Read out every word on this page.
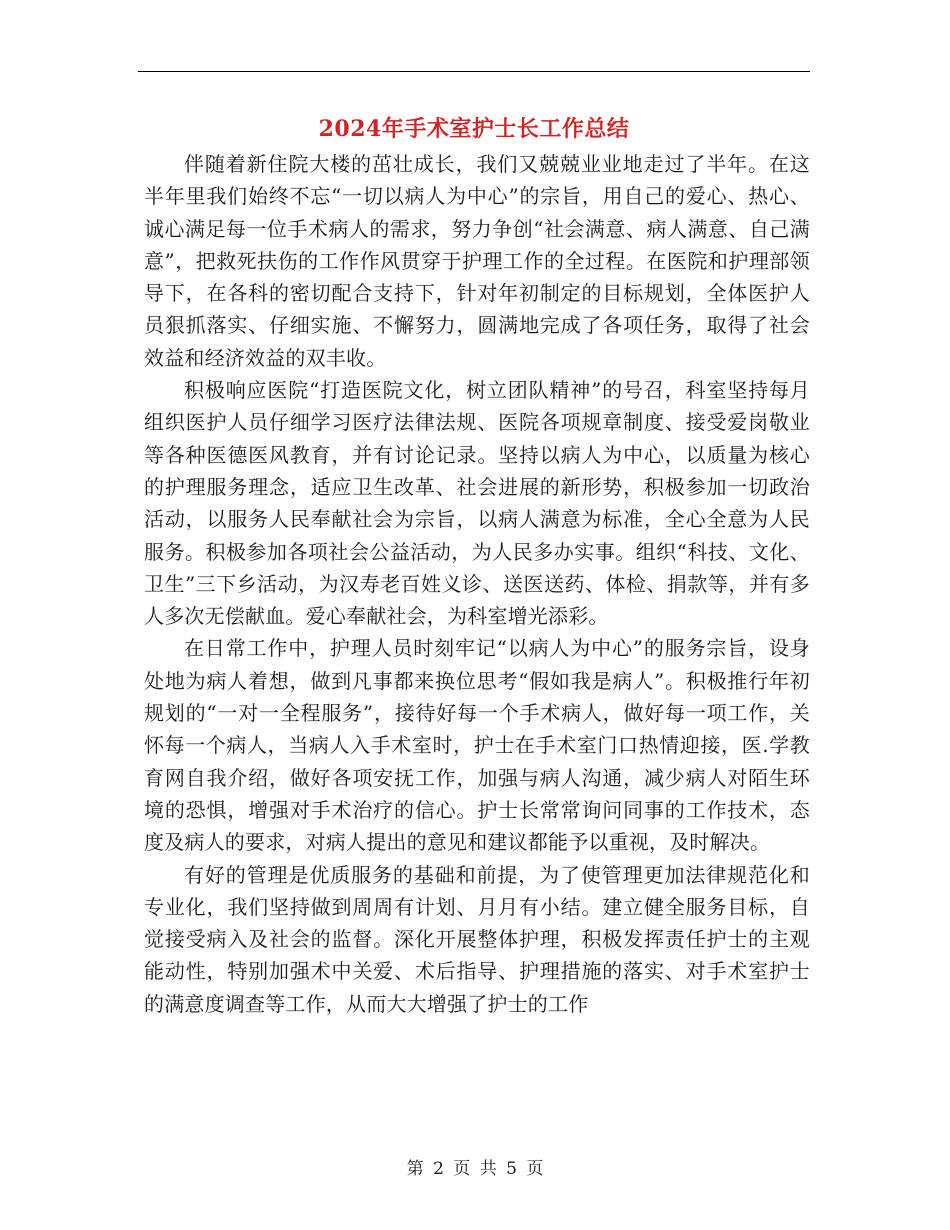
2024年手术室护士长工作总结

伴随着新住院大楼的茁壮成长，我们又兢兢业业地走过了半年。在这半年里我们始终不忘“一切以病人为中心”的宗旨，用自己的爱心、热心、诚心满足每一位手术病人的需求，努力争创“社会满意、病人满意、自己满意”，把救死扶伤的工作作风贯穿于护理工作的全过程。在医院和护理部领导下，在各科的密切配合支持下，针对年初制定的目标规划，全体医护人员狠抓落实、仔细实施、不懈努力，圆满地完成了各项任务，取得了社会效益和经济效益的双丰收。

积极响应医院“打造医院文化，树立团队精神”的号召，科室坚持每月组织医护人员仔细学习医疗法律法规、医院各项规章制度、接受爱岗敬业等各种医德医风教育，并有讨论记录。坚持以病人为中心，以质量为核心的护理服务理念，适应卫生改革、社会进展的新形势，积极参加一切政治活动，以服务人民奉献社会为宗旨，以病人满意为标准，全心全意为人民服务。积极参加各项社会公益活动，为人民多办实事。组织“科技、文化、卫生”三下乡活动，为汉寿老百姓义诊、送医送药、体检、捐款等，并有多人多次无偿献血。爱心奉献社会，为科室增光添彩。

在日常工作中，护理人员时刻牢记“以病人为中心”的服务宗旨，设身处地为病人着想，做到凡事都来换位思考“假如我是病人”。积极推行年初规划的“一对一全程服务”，接待好每一个手术病人，做好每一项工作，关怀每一个病人，当病人入手术室时，护士在手术室门口热情迎接，医.学教育网自我介绍，做好各项安抚工作，加强与病人沟通，减少病人对陌生环境的恐惧，增强对手术治疗的信心。护士长常常询问同事的工作技术，态度及病人的要求，对病人提出的意见和建议都能予以重视，及时解决。

有好的管理是优质服务的基础和前提，为了使管理更加法律规范化和专业化，我们坚持做到周周有计划、月月有小结。建立健全服务目标，自觉接受病入及社会的监督。深化开展整体护理，积极发挥责任护士的主观能动性，特别加强术中关爱、术后指导、护理措施的落实、对手术室护士的满意度调查等工作，从而大大增强了护士的工作

第 2 页 共 5 页
